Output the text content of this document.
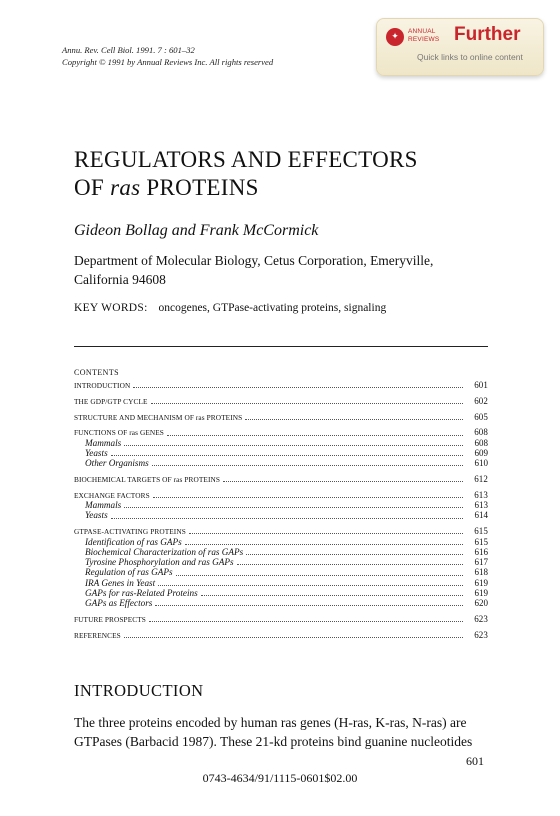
Annu. Rev. Cell Biol. 1991. 7 : 601–32
Copyright © 1991 by Annual Reviews Inc. All rights reserved
✦
ANNUAL
REVIEWS Further
Quick links to online content
REGULATORS AND EFFECTORS
OF ras PROTEINS
Gideon Bollag and Frank McCormick
Department of Molecular Biology, Cetus Corporation, Emeryville,
California 94608
KEY WORDS: oncogenes, GTPase-activating proteins, signaling
CONTENTS
INTRODUCTION	601
THE GDP/GTP CYCLE	602
STRUCTURE AND MECHANISM OF ras PROTEINS	605
FUNCTIONS OF ras GENES	608
Mammals	608
Yeasts	609
Other Organisms	610
BIOCHEMICAL TARGETS OF ras PROTEINS	612
EXCHANGE FACTORS	613
Mammals	613
Yeasts	614
GTPASE-ACTIVATING PROTEINS	615
Identification of ras GAPs	615
Biochemical Characterization of ras GAPs	616
Tyrosine Phosphorylation and ras GAPs	617
Regulation of ras GAPs	618
IRA Genes in Yeast	619
GAPs for ras-Related Proteins	619
GAPs as Effectors	620
FUTURE PROSPECTS	623
REFERENCES	623
INTRODUCTION
The three proteins encoded by human ras genes (H-ras, K-ras, N-ras) are
GTPases (Barbacid 1987). These 21-kd proteins bind guanine nucleotides
601
0743-4634/91/1115-0601$02.00
